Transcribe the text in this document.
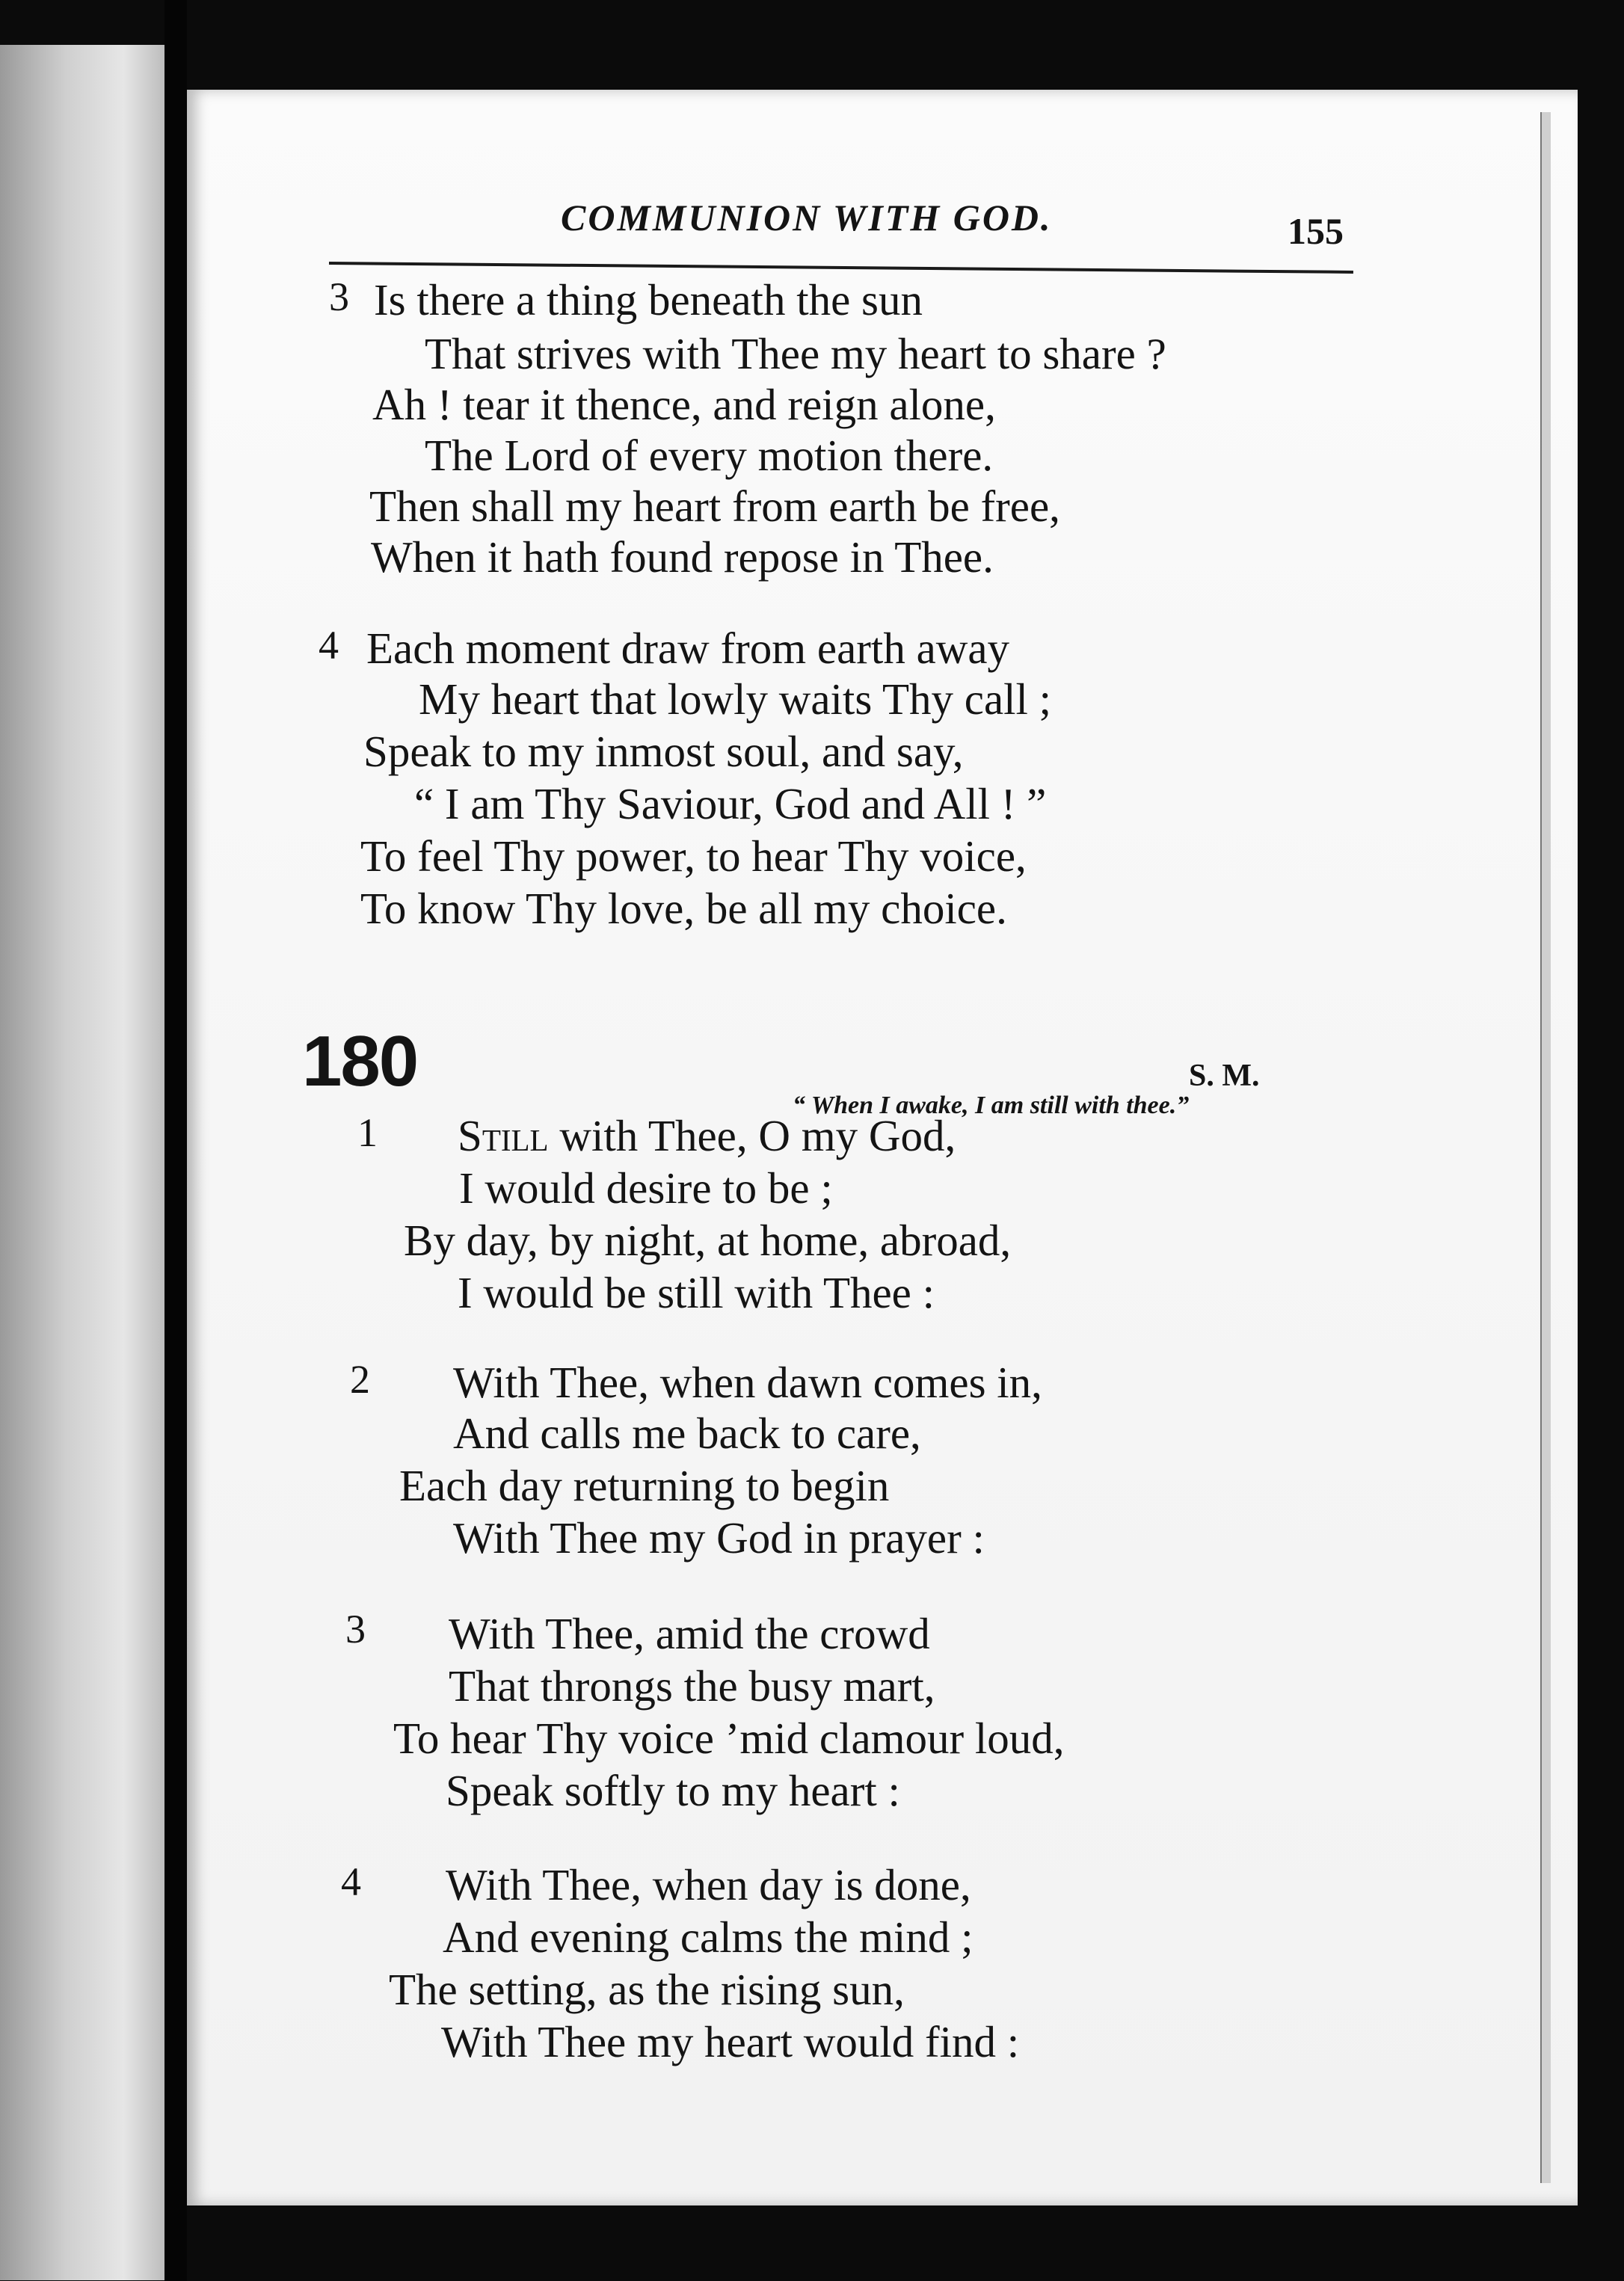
COMMUNION WITH GOD.	155
3 Is there a thing beneath the sun
That strives with Thee my heart to share ?
Ah ! tear it thence, and reign alone,
The Lord of every motion there.
Then shall my heart from earth be free,
When it hath found repose in Thee.
4 Each moment draw from earth away
My heart that lowly waits Thy call ;
Speak to my inmost soul, and say,
“ I am Thy Saviour, God and All ! ”
To feel Thy power, to hear Thy voice,
To know Thy love, be all my choice.
180	S. M.
“ When I awake, I am still with thee.”
1 Still with Thee, O my God,
I would desire to be ;
By day, by night, at home, abroad,
I would be still with Thee :
2 With Thee, when dawn comes in,
And calls me back to care,
Each day returning to begin
With Thee my God in prayer :
3 With Thee, amid the crowd
That throngs the busy mart,
To hear Thy voice ’mid clamour loud,
Speak softly to my heart :
4 With Thee, when day is done,
And evening calms the mind ;
The setting, as the rising sun,
With Thee my heart would find :
